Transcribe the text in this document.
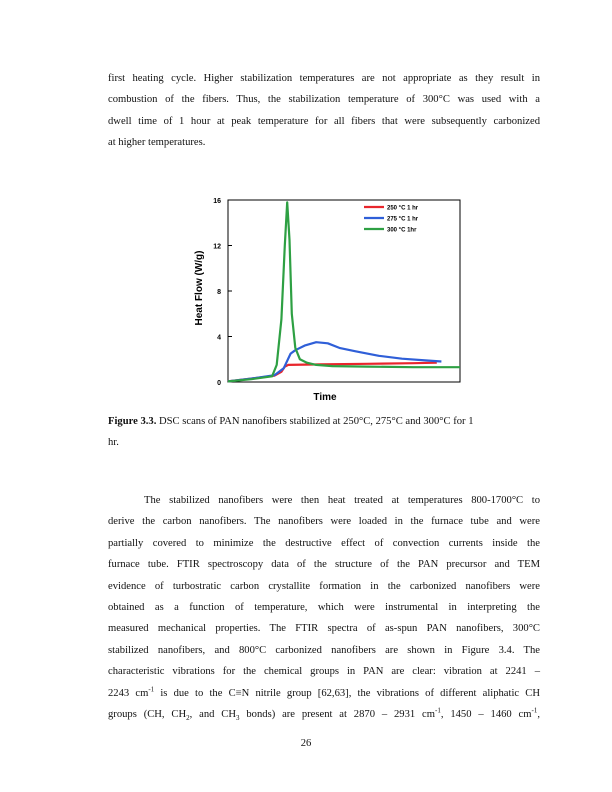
first heating cycle. Higher stabilization temperatures are not appropriate as they result in
combustion of the fibers. Thus, the stabilization temperature of 300°C was used with a
dwell time of 1 hour at peak temperature for all fibers that were subsequently carbonized
at higher temperatures.

0
4
8
12
16
250 °C 1 hr
275 °C 1 hr
300 °C 1hr
Time
Heat Flow (W/g)

Figure 3.3. DSC scans of PAN nanofibers stabilized at 250°C, 275°C and 300°C for 1
hr.

The stabilized nanofibers were then heat treated at temperatures 800-1700°C to
derive the carbon nanofibers. The nanofibers were loaded in the furnace tube and were
partially covered to minimize the destructive effect of convection currents inside the
furnace tube. FTIR spectroscopy data of the structure of the PAN precursor and TEM
evidence of turbostratic carbon crystallite formation in the carbonized nanofibers were
obtained as a function of temperature, which were instrumental in interpreting the
measured mechanical properties. The FTIR spectra of as-spun PAN nanofibers, 300°C
stabilized nanofibers, and 800°C carbonized nanofibers are shown in Figure 3.4. The
characteristic vibrations for the chemical groups in PAN are clear: vibration at 2241 –
2243 $cm^{-1}$ is due to the C≡N nitrile group [62,63], the vibrations of different aliphatic CH
groups (CH, $CH_2$, and $CH_3$ bonds) are present at 2870 – 2931 $cm^{-1}$, 1450 – 1460 $cm^{-1}$,

26
